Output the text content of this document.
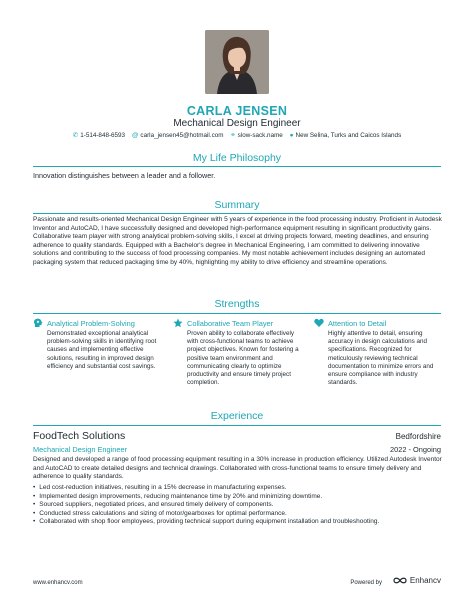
CARLA JENSEN
Mechanical Design Engineer
✆ 1-514-848-6593 @ carla_jensen45@hotmail.com ⚭ slow-sack.name ● New Selina, Turks and Caicos Islands
My Life Philosophy
Innovation distinguishes between a leader and a follower.
Summary
Passionate and results-oriented Mechanical Design Engineer with 5 years of experience in the food processing industry. Proficient in Autodesk Inventor and AutoCAD, I have successfully designed and developed high-performance equipment resulting in significant productivity gains. Collaborative team player with strong analytical problem-solving skills, I excel at driving projects forward, meeting deadlines, and ensuring adherence to quality standards. Equipped with a Bachelor's degree in Mechanical Engineering, I am committed to delivering innovative solutions and contributing to the success of food processing companies. My most notable achievement includes designing an automated packaging system that reduced packaging time by 40%, highlighting my ability to drive efficiency and streamline operations.
Strengths
Analytical Problem-Solving
Demonstrated exceptional analytical problem-solving skills in identifying root causes and implementing effective solutions, resulting in improved design efficiency and substantial cost savings.
Collaborative Team Player
Proven ability to collaborate effectively with cross-functional teams to achieve project objectives. Known for fostering a positive team environment and communicating clearly to optimize productivity and ensure timely project completion.
Attention to Detail
Highly attentive to detail, ensuring accuracy in design calculations and specifications. Recognized for meticulously reviewing technical documentation to minimize errors and ensure compliance with industry standards.
Experience
FoodTech Solutions	Bedfordshire
Mechanical Design Engineer	2022 - Ongoing
Designed and developed a range of food processing equipment resulting in a 30% increase in production efficiency. Utilized Autodesk Inventor and AutoCAD to create detailed designs and technical drawings. Collaborated with cross-functional teams to ensure timely delivery and adherence to quality standards.
• Led cost-reduction initiatives, resulting in a 15% decrease in manufacturing expenses.
• Implemented design improvements, reducing maintenance time by 20% and minimizing downtime.
• Sourced suppliers, negotiated prices, and ensured timely delivery of components.
• Conducted stress calculations and sizing of motor/gearboxes for optimal performance.
• Collaborated with shop floor employees, providing technical support during equipment installation and troubleshooting.
www.enhancv.com	Powered by	Enhancv
